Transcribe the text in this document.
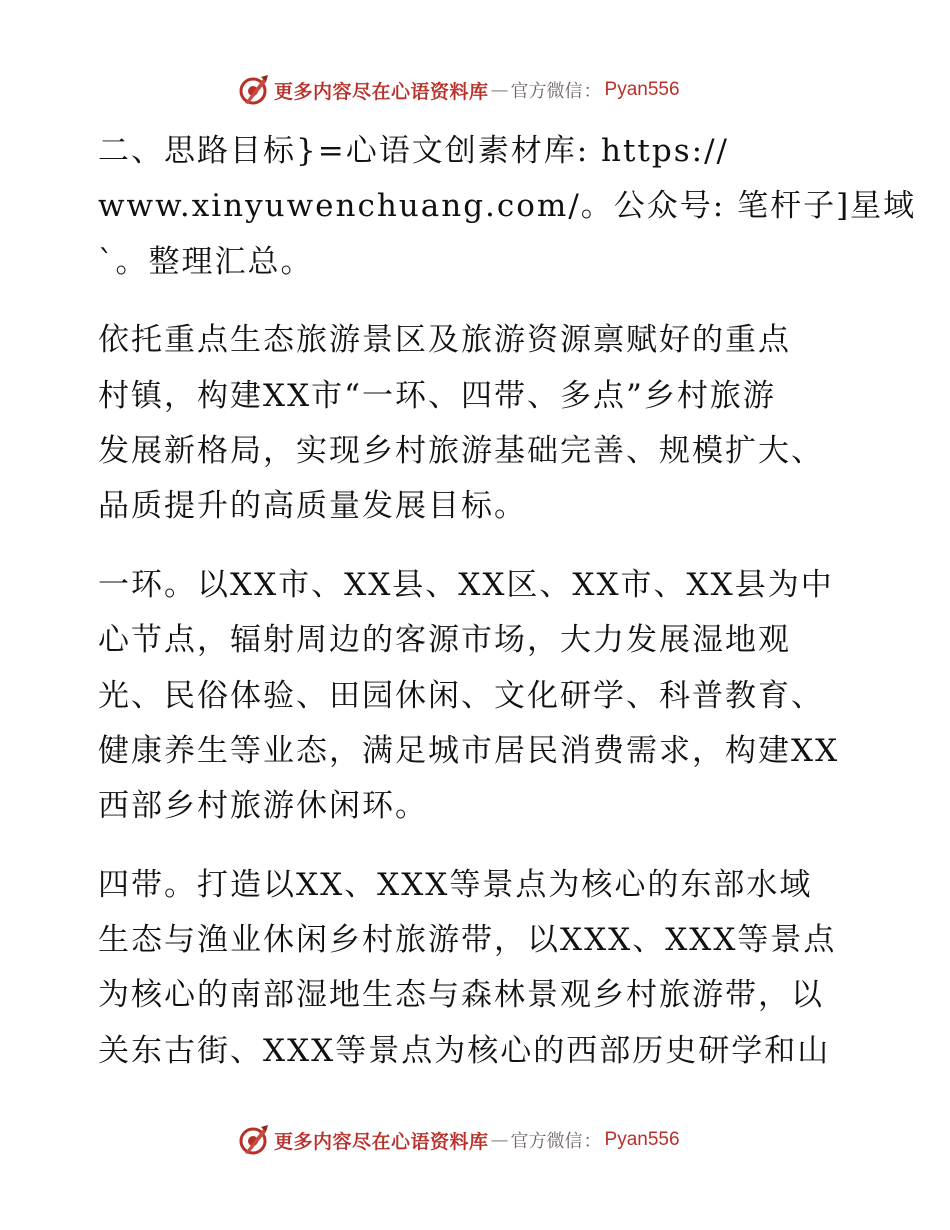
更多内容尽在心语资料库 — 官方微信 ： Pyan556
二、思路目标}=心语文创素材库: https://
www.xinyuwenchuang.com/。公众号: 笔杆子]星域
`。整理汇总。
依托重点生态旅游景区及旅游资源禀赋好的重点
村镇，构建XX市“一环、四带、多点”乡村旅游
发展新格局，实现乡村旅游基础完善、规模扩大、
品质提升的高质量发展目标。
一环。以XX市、XX县、XX区、XX市、XX县为中
心节点，辐射周边的客源市场，大力发展湿地观
光、民俗体验、田园休闲、文化研学、科普教育、
健康养生等业态，满足城市居民消费需求，构建XX
西部乡村旅游休闲环。
四带。打造以XX、XXX等景点为核心的东部水域
生态与渔业休闲乡村旅游带，以XXX、XXX等景点
为核心的南部湿地生态与森林景观乡村旅游带，以
关东古街、XXX等景点为核心的西部历史研学和山
更多内容尽在心语资料库 — 官方微信 ： Pyan556
